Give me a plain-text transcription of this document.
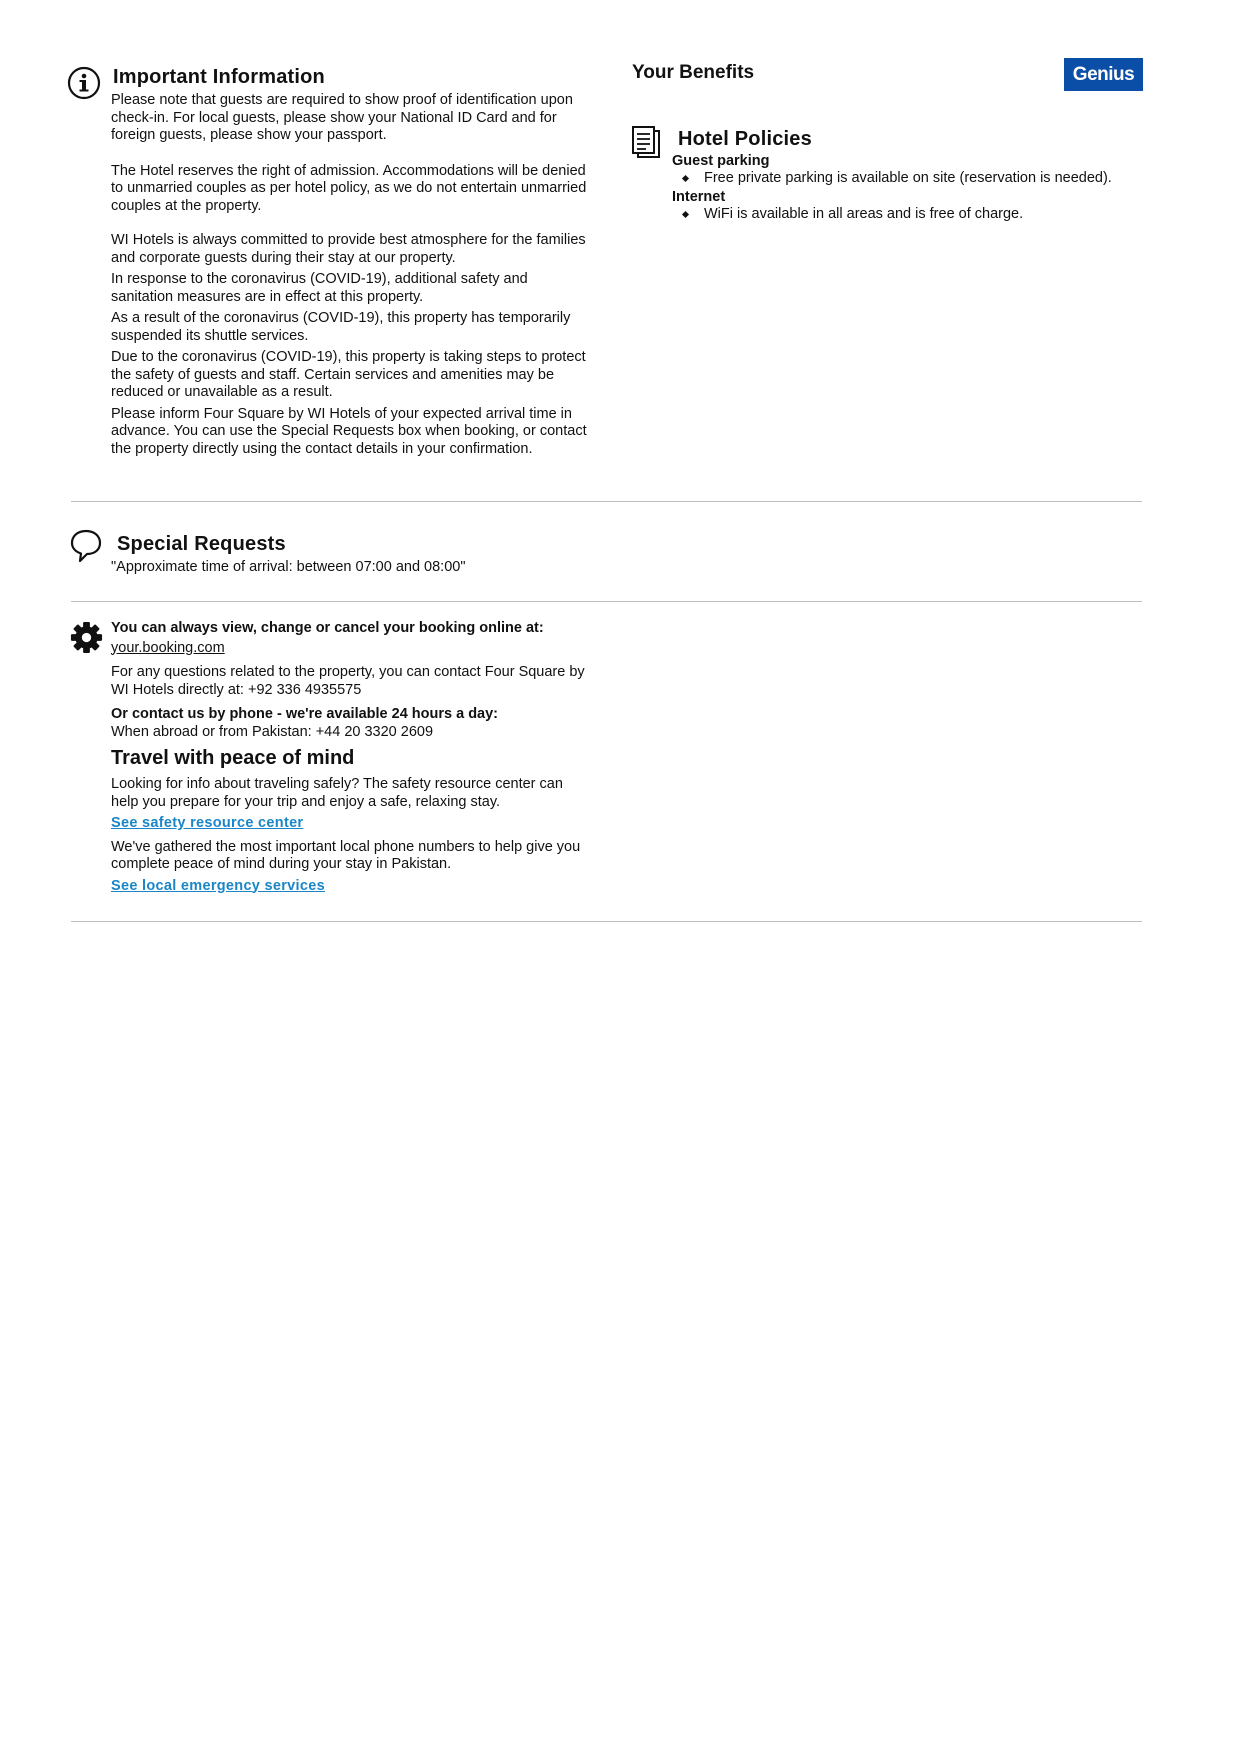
Important Information

Please note that guests are required to show proof of identification upon check-in. For local guests, please show your National ID Card and for foreign guests, please show your passport.

The Hotel reserves the right of admission. Accommodations will be denied to unmarried couples as per hotel policy, as we do not entertain unmarried couples at the property.

WI Hotels is always committed to provide best atmosphere for the families and corporate guests during their stay at our property.

In response to the coronavirus (COVID-19), additional safety and sanitation measures are in effect at this property.

As a result of the coronavirus (COVID-19), this property has temporarily suspended its shuttle services.

Due to the coronavirus (COVID-19), this property is taking steps to protect the safety of guests and staff. Certain services and amenities may be reduced or unavailable as a result.

Please inform Four Square by WI Hotels of your expected arrival time in advance. You can use the Special Requests box when booking, or contact the property directly using the contact details in your confirmation.

Your Benefits	Genius
Hotel Policies
Guest parking
Free private parking is available on site (reservation is needed).
Internet
WiFi is available in all areas and is free of charge.
Special Requests
"Approximate time of arrival: between 07:00 and 08:00"
You can always view, change or cancel your booking online at:
your.booking.com

For any questions related to the property, you can contact Four Square by WI Hotels directly at: +92 336 4935575

Or contact us by phone - we're available 24 hours a day:

When abroad or from Pakistan: +44 20 3320 2609

Travel with peace of mind

Looking for info about traveling safely? The safety resource center can help you prepare for your trip and enjoy a safe, relaxing stay.

See safety resource center

We've gathered the most important local phone numbers to help give you complete peace of mind during your stay in Pakistan.

See local emergency services
